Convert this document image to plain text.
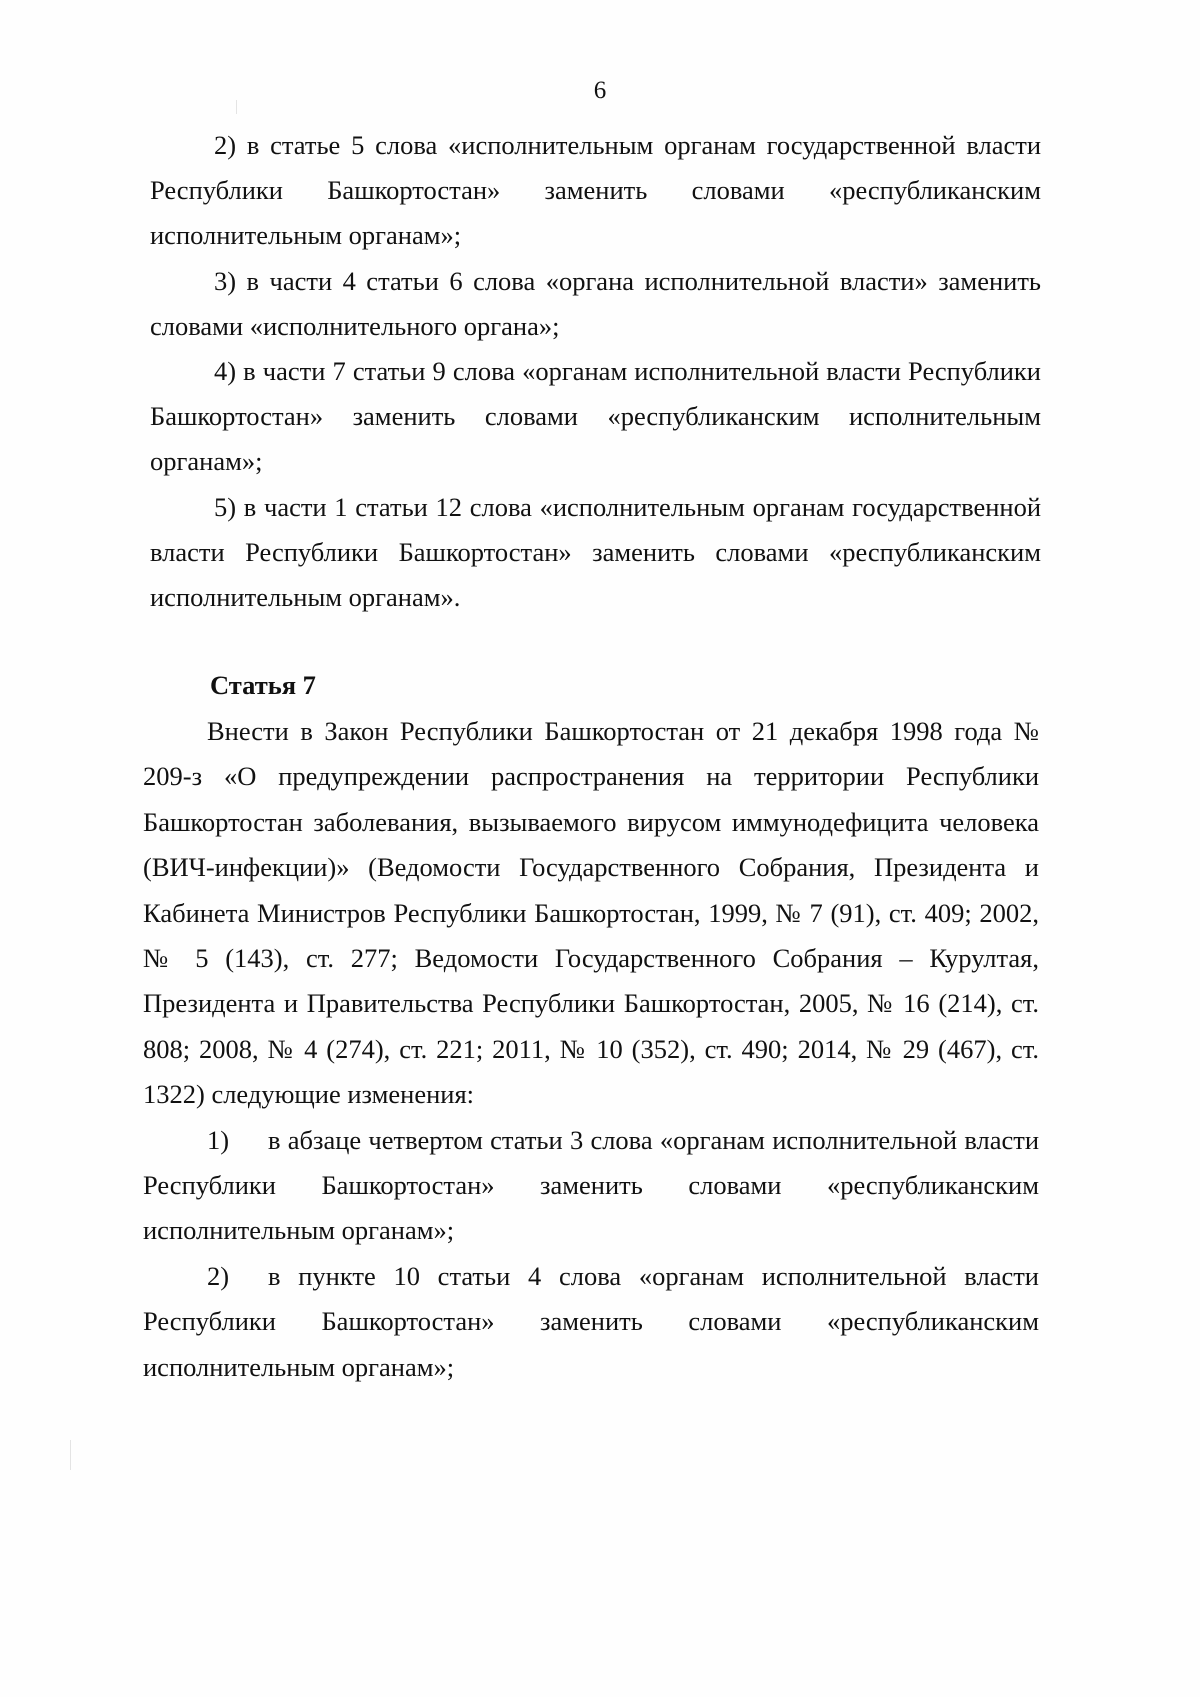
6

2) в статье 5 слова «исполнительным органам государственной власти Республики Башкортостан» заменить словами «республиканским исполнительным органам»;

3) в части 4 статьи 6 слова «органа исполнительной власти» заменить словами «исполнительного органа»;

4) в части 7 статьи 9 слова «органам исполнительной власти Республики Башкортостан» заменить словами «республиканским исполнительным органам»;

5) в части 1 статьи 12 слова «исполнительным органам государственной власти Республики Башкортостан» заменить словами «республиканским исполнительным органам».

Статья 7

Внести в Закон Республики Башкортостан от 21 декабря 1998 года № 209-з «О предупреждении распространения на территории Республики Башкортостан заболевания, вызываемого вирусом иммунодефицита человека (ВИЧ-инфекции)» (Ведомости Государственного Собрания, Президента и Кабинета Министров Республики Башкортостан, 1999, № 7 (91), ст. 409; 2002, № 5 (143), ст. 277; Ведомости Государственного Собрания – Курултая, Президента и Правительства Республики Башкортостан, 2005, № 16 (214), ст. 808; 2008, № 4 (274), ст. 221; 2011, № 10 (352), ст. 490; 2014, № 29 (467), ст. 1322) следующие изменения:

1) в абзаце четвертом статьи 3 слова «органам исполнительной власти Республики Башкортостан» заменить словами «республиканским исполнительным органам»;

2) в пункте 10 статьи 4 слова «органам исполнительной власти Республики Башкортостан» заменить словами «республиканским исполнительным органам»;
